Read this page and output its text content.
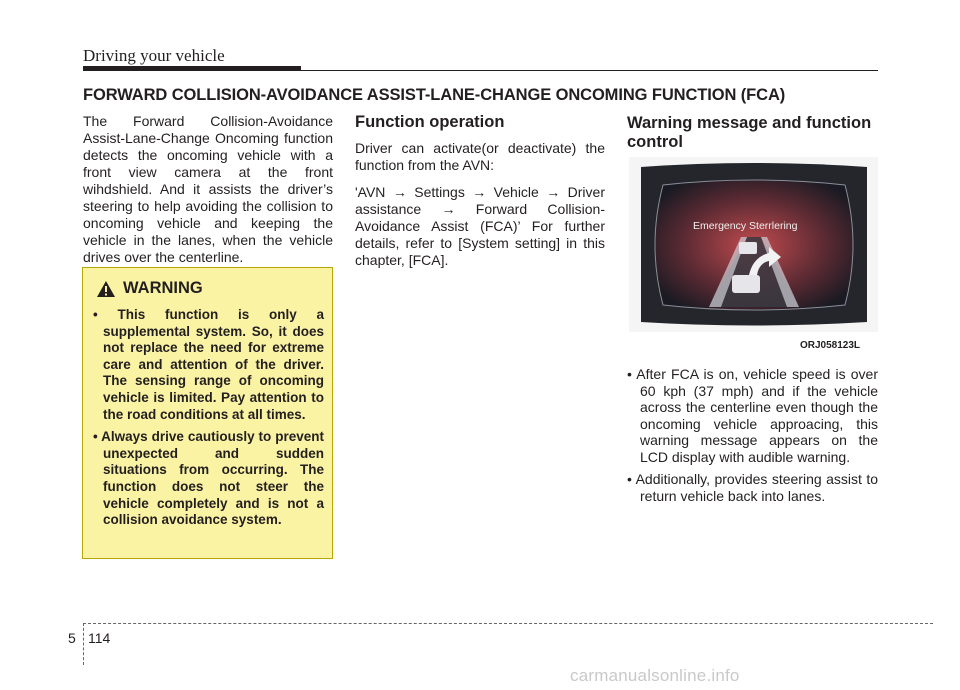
Driving your vehicle
FORWARD COLLISION-AVOIDANCE ASSIST-LANE-CHANGE ONCOMING FUNCTION (FCA)
The Forward Collision-Avoidance Assist-Lane-Change Oncoming function detects the oncoming vehicle with a front view camera at the front wihdshield. And it assists the driver’s steering to help avoiding the collision to oncoming vehicle and keeping the vehicle in the lanes, when the vehicle drives over the centerline.
WARNING
• This function is only a supplemental system. So, it does not replace the need for extreme care and attention of the driver. The sensing range of oncoming vehicle is limited. Pay attention to the road conditions at all times.
• Always drive cautiously to prevent unexpected and sudden situations from occurring. The function does not steer the vehicle completely and is not a collision avoidance system.
Function operation

Driver can activate(or deactivate) the function from the AVN:

'AVN → Settings → Vehicle → Driver assistance → Forward Collision-Avoidance Assist (FCA)’ For further details, refer to [System setting] in this chapter, [FCA].

Warning message and function control
Emergency Sterrlering
ORJ058123L
• After FCA is on, vehicle speed is over 60 kph (37 mph) and if the vehicle across the centerline even though the oncoming vehicle approacing, this warning message appears on the LCD display with audible warning.
• Additionally, provides steering assist to return vehicle back into lanes.
5 114
carmanualsonline.info
